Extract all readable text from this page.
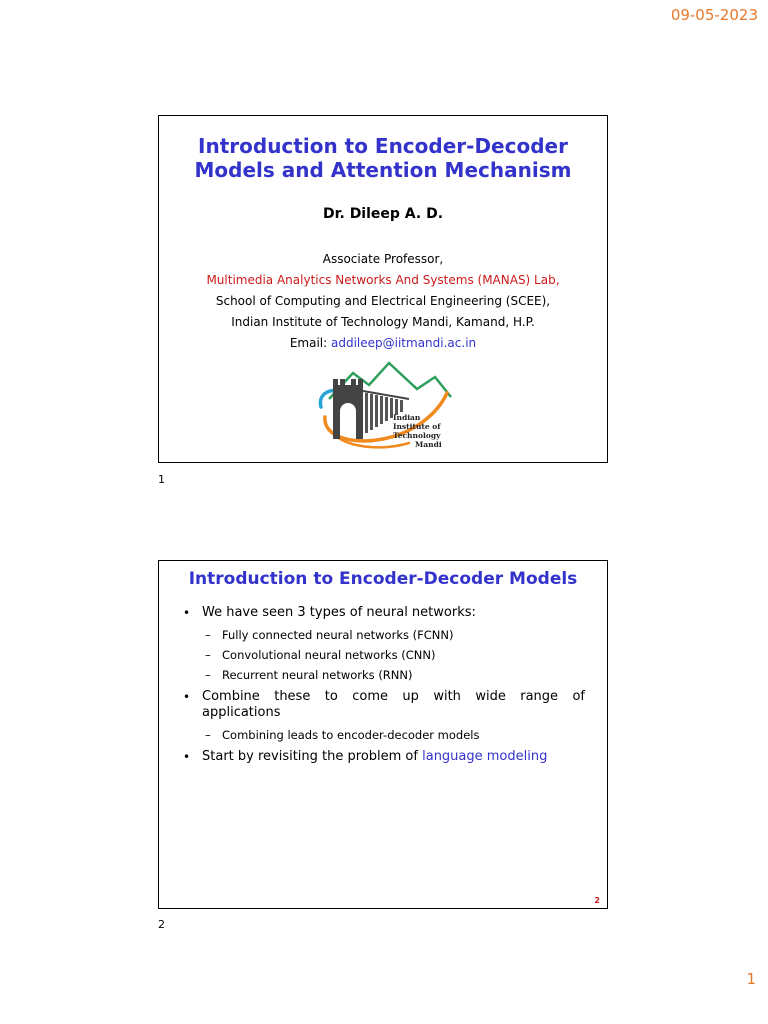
09-05-2023
Introduction to Encoder-Decoder
Models and Attention Mechanism
Dr. Dileep A. D.
Associate Professor,
Multimedia Analytics Networks And Systems (MANAS) Lab,
School of Computing and Electrical Engineering (SCEE),
Indian Institute of Technology Mandi, Kamand, H.P.
Email: addileep@iitmandi.ac.in
Indian
Institute of
Technology
Mandi
1
Introduction to Encoder-Decoder Models
• We have seen 3 types of neural networks:
– Fully connected neural networks (FCNN)
– Convolutional neural networks (CNN)
– Recurrent neural networks (RNN)
• Combine these to come up with wide range of applications
– Combining leads to encoder-decoder models
• Start by revisiting the problem of language modeling
2
2
1
